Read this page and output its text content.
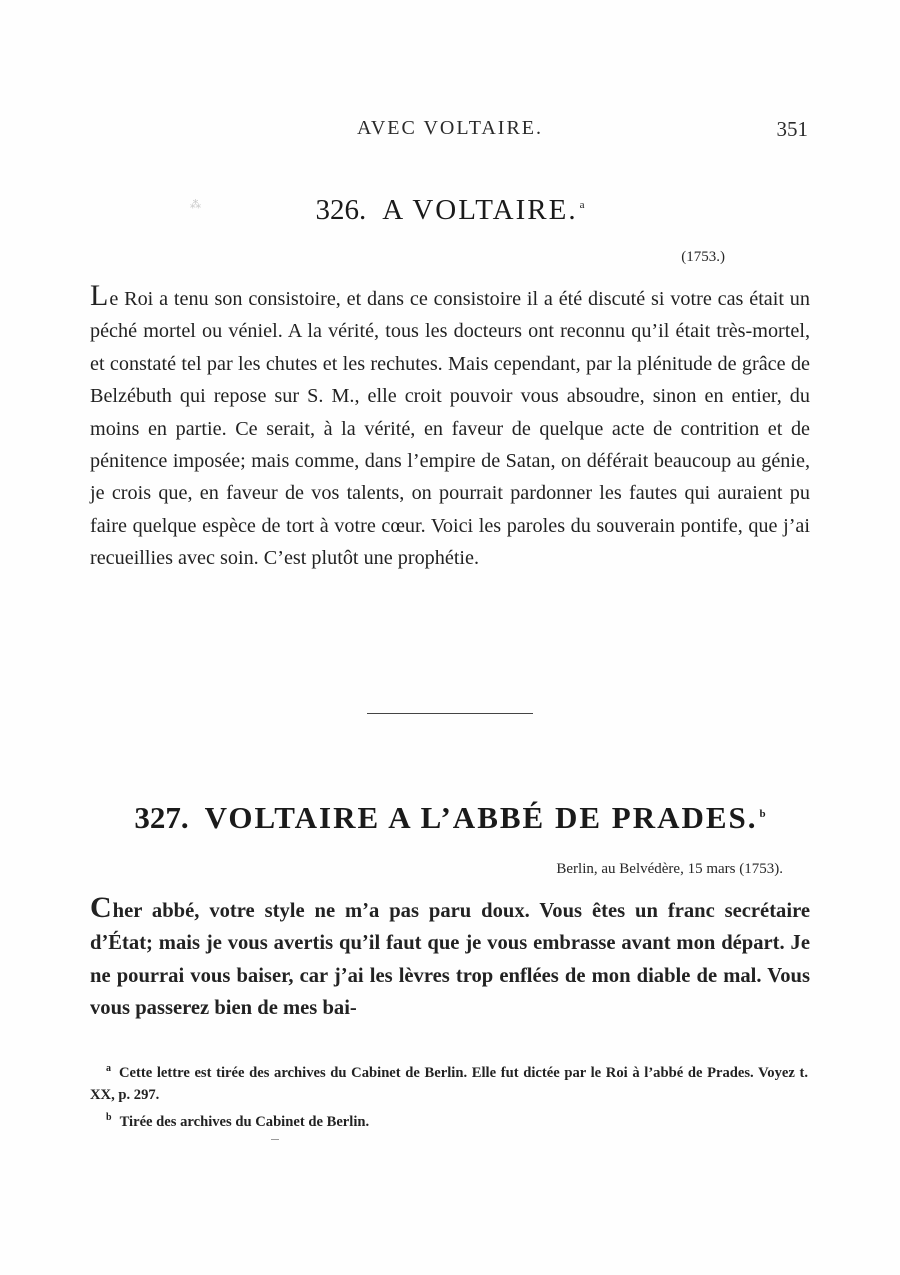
⁂
AVEC VOLTAIRE.	351
326. A VOLTAIRE. $^a$
(1753.)
Le Roi a tenu son consistoire, et dans ce consistoire il a été discuté si votre cas était un péché mortel ou véniel. A la vérité, tous les docteurs ont reconnu qu’il était très-mortel, et constaté tel par les chutes et les rechutes. Mais cependant, par la plénitude de grâce de Belzébuth qui repose sur S. M., elle croit pouvoir vous absoudre, sinon en entier, du moins en partie. Ce serait, à la vérité, en faveur de quelque acte de contrition et de pénitence imposée; mais comme, dans l’empire de Satan, on déférait beaucoup au génie, je crois que, en faveur de vos talents, on pourrait pardonner les fautes qui auraient pu faire quelque espèce de tort à votre cœur. Voici les paroles du souverain pontife, que j’ai recueillies avec soin. C’est plutôt une prophétie.
327. VOLTAIRE A L’ABBÉ DE PRADES. $^b$
Berlin, au Belvédère, 15 mars (1753).
Cher abbé, votre style ne m’a pas paru doux. Vous êtes un franc secrétaire d’État; mais je vous avertis qu’il faut que je vous embrasse avant mon départ. Je ne pourrai vous baiser, car j’ai les lèvres trop enflées de mon diable de mal. Vous vous passerez bien de mes bai-

$^a$ Cette lettre est tirée des archives du Cabinet de Berlin. Elle fut dictée par le Roi à l’abbé de Prades. Voyez t. XX, p. 297.

$^b$ Tirée des archives du Cabinet de Berlin.
